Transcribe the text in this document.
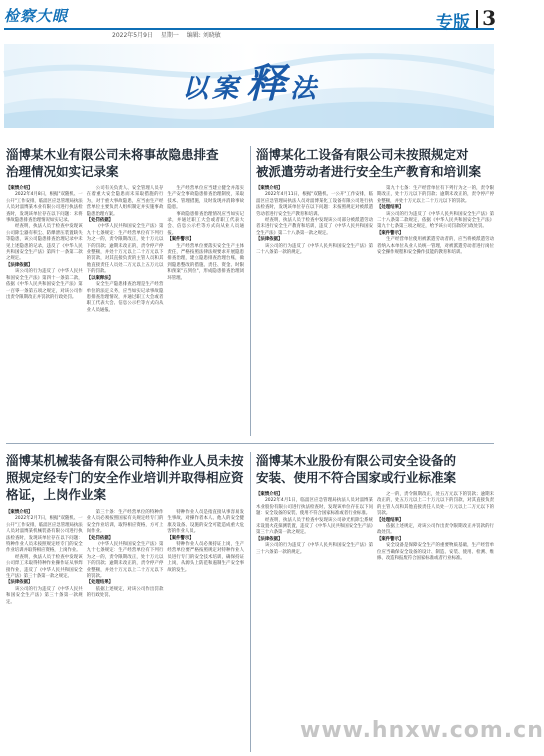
检察大眼
2022年5月9日 星期一 编辑: 刘晓敏
专版 3
以案 释 法
淄博某木业有限公司未将事故隐患排查
治理情况如实记录案

【案情介绍】

2022年4月8日，根据"双随机、一公开"工作安排，临淄区应急管理局执法人员对淄博某木业有限公司进行执法检查时，发现该单位存在以下问题：未将事故隐患排查治理情况如实记录。

经查明，执法人员于检查中发现该公司除尘器有积尘、防爆泄压装置缺失等隐患，该公司隐患排查治理记录中未见上述隐患的记录，违反了《中华人民共和国安全生产法》第四十一条第二款之规定。

【法律依据】

该公司的行为违反了《中华人民共和国安全生产法》第四十一条第二款，依据《中华人民共和国安全生产法》第一百零一条第五项之规定，对该公司作出责令限期改正并罚款的行政处罚。

公司有关负责人、安全管理人员存在着重大安全隐患而未采取措施的行为，对于重大事故隐患，应当由生产经营单位主要负责人组织制定并实施事故隐患治理方案。

【处罚依据】

《中华人民共和国安全生产法》第九十七条规定：生产经营单位有下列行为之一的，责令限期改正，处十万元以下的罚款；逾期未改正的，责令停产停业整顿，并处十万元以上二十万元以下的罚款，对其直接负责的主管人员和其他直接责任人员处二万元以上五万元以下的罚款。

【以案释法】

安全生产隐患排查治理是生产经营单位的法定义务，应当如实记录事故隐患排查治理情况，并通过职工大会或者职工代表大会、信息公示栏等方式向从业人员通报。

生产经营单位应当建立健全并落实生产安全事故隐患排查治理制度，采取技术、管理措施，及时发现并消除事故隐患。

事故隐患排查治理情况应当如实记录，并通过职工大会或者职工代表大会、信息公示栏等方式向从业人员通报。

【案件警示】

生产经营单位要落实安全生产主体责任，严格按照法律法规要求开展隐患排查治理，建立隐患排查治理台账，做到隐患整改的措施、责任、资金、时限和预案"五到位"，形成隐患排查治理闭环管理。

淄博某化工设备有限公司未按照规定对
被派遣劳动者进行安全生产教育和培训案

【案情介绍】

2022年4月11日，根据"双随机、一公开"工作安排，临淄区应急管理局执法人员对淄博某化工设备有限公司进行执法检查时，发现该单位存在以下问题：未按照规定对被派遣劳动者进行安全生产教育和培训。

经查明，执法人员于检查中发现该公司部分被派遣劳动者未进行安全生产教育和培训，违反了《中华人民共和国安全生产法》第二十八条第一款之规定。

【法律依据】

该公司的行为违反了《中华人民共和国安全生产法》第二十八条第一款的规定。

第九十七条：生产经营单位有下列行为之一的，责令限期改正，处十万元以下的罚款；逾期未改正的，责令停产停业整顿，并处十万元以上二十万元以下的罚款。

【处理结果】

该公司的行为违反了《中华人民共和国安全生产法》第二十八条第二款规定，依据《中华人民共和国安全生产法》第九十七条第三项之规定，给予该公司罚款的行政处罚。

【案件警示】

生产经营单位使用被派遣劳动者的，应当将被派遣劳动者纳入本单位从业人员统一管理，对被派遣劳动者进行岗位安全操作规程和安全操作技能的教育和培训。

淄博某机械装备有限公司特种作业人员未按
照规定经专门的安全作业培训并取得相应资
格证，上岗作业案

【案情介绍】

2022年2月7日，根据"双随机、一公开"工作安排，临淄区应急管理局执法人员对淄博某机械装备有限公司进行执法检查时，发现该单位存在以下问题：特种作业人员未按照规定经专门的安全作业培训并取得相应资格，上岗作业。

经查明，执法人员于检查中发现该公司焊工未取得特种作业操作证从事焊接作业，违反了《中华人民共和国安全生产法》第三十条第一款之规定。

【法律依据】

该公司的行为违反了《中华人民共和国安全生产法》第三十条第一款规定。

第三十条：生产经营单位的特种作业人员必须按照国家有关规定经专门的安全作业培训，取得相应资格，方可上岗作业。

【处罚依据】

《中华人民共和国安全生产法》第九十七条规定：生产经营单位有下列行为之一的，责令限期改正，处十万元以下的罚款；逾期未改正的，责令停产停业整顿，并处十万元以上二十万元以下的罚款。

【处理结果】

依据上述规定，对该公司作出罚款的行政处罚。

特种作业人员是指直接从事容易发生事故，对操作者本人、他人的安全健康及设备、设施的安全可能造成重大危害的作业人员。

【案件警示】

特种作业人员必须持证上岗，生产经营单位要严格按照规定对特种作业人员进行专门的安全技术培训，确保持证上岗，从源头上防范和遏制生产安全事故的发生。

淄博某木业股份有限公司安全设备的
安装、使用不符合国家或行业标准案

【案情介绍】

2022年4月1日，临淄区应急管理局执法人员对淄博某木业股份有限公司进行执法检查时，发现该单位存在以下问题：安全设备的安装、使用不符合国家标准或者行业标准。

经查明，执法人员于检查中发现该公司砂光机除尘系统未设置火花探测装置，违反了《中华人民共和国安全生产法》第三十六条第一款之规定。

【法律依据】

该公司的行为违反了《中华人民共和国安全生产法》第三十六条第一款的规定。

之一的，责令限期改正，处五万元以下的罚款；逾期未改正的，处五万元以上二十万元以下的罚款，对其直接负责的主管人员和其他直接责任人员处一万元以上二万元以下的罚款。

【处理结果】

依据上述规定，对该公司作出责令限期改正并罚款的行政处罚。

【案件警示】

安全设备是保障安全生产的重要物质基础，生产经营单位应当确保安全设备的设计、制造、安装、使用、检测、维修、改造和报废符合国家标准或者行业标准。

www.hnxw.com.cn
